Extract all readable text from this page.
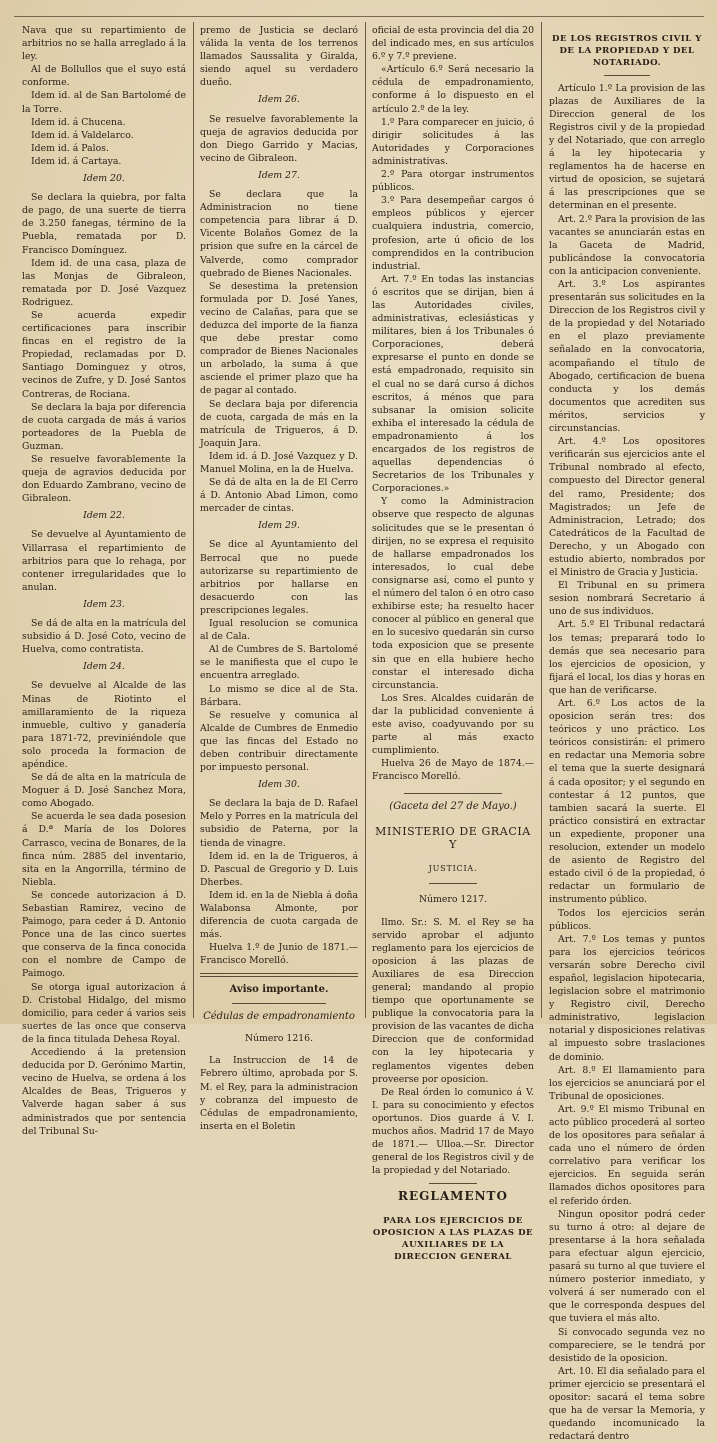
Nava que su repartimiento de arbitrios no se halla arreglado á la ley.

Al de Bollullos que el suyo está conforme.

Idem id. al de San Bartolomé de la Torre.

Idem id. á Chucena.

Idem id. á Valdelarco.

Idem id. á Palos.

Idem id. á Cartaya.

Idem 20.

Se declara la quiebra, por falta de pago, de una suerte de tierra de 3.250 fanegas, término de la Puebla, rematada por D. Francisco Domínguez.

Idem id. de una casa, plaza de las Monjas de Gibraleon, rematada por D. José Vazquez Rodriguez.

Se acuerda expedir certificaciones para inscribir fincas en el registro de la Propiedad, reclamadas por D. Santiago Dominguez y otros, vecinos de Zufre, y D. José Santos Contreras, de Rociana.

Se declara la baja por diferencia de cuota cargada de más á varios porteadores de la Puebla de Guzman.

Se resuelve favorablemente la queja de agravios deducida por don Eduardo Zambrano, vecino de Gibraleon.

Idem 22.

Se devuelve al Ayuntamiento de Villarrasa el repartimiento de arbitrios para que lo rehaga, por contener irregularidades que lo anulan.

Idem 23.

Se dá de alta en la matrícula del subsidio á D. José Coto, vecino de Huelva, como contratista.

Idem 24.

Se devuelve al Alcalde de las Minas de Riotinto el amillaramiento de la riqueza inmueble, cultivo y ganadería para 1871-72, previniéndole que solo proceda la formacion de apéndice.

Se dá de alta en la matrícula de Moguer á D. José Sanchez Mora, como Abogado.

Se acuerda le sea dada posesion á D.ª María de los Dolores Carrasco, vecina de Bonares, de la finca núm. 2885 del inventario, sita en la Angorrilla, término de Niebla.

Se concede autorizacion á D. Sebastian Ramirez, vecino de Paimogo, para ceder á D. Antonio Ponce una de las cinco suertes que conserva de la finca conocida con el nombre de Campo de Paimogo.

Se otorga igual autorizacion á D. Cristobal Hidalgo, del mismo domicilio, para ceder á varios seis suertes de las once que conserva de la finca titulada Dehesa Royal.

Accediendo á la pretension deducida por D. Gerónimo Martin, vecino de Huelva, se ordena á los Alcaldes de Beas, Trigueros y Valverde hagan saber á sus administrados que por sentencia del Tribunal Su-

premo de Justicia se declaró válida la venta de los terrenos llamados Saussalita y Giralda, siendo aquel su verdadero dueño.

Idem 26.

Se resuelve favorablemente la queja de agravios deducida por don Diego Garrido y Macias, vecino de Gibraleon.

Idem 27.

Se declara que la Administracion no tiene competencia para librar á D. Vicente Bolaños Gomez de la prision que sufre en la cárcel de Valverde, como comprador quebrado de Bienes Nacionales.

Se desestima la pretension formulada por D. José Yanes, vecino de Calañas, para que se deduzca del importe de la fianza que debe prestar como comprador de Bienes Nacionales un arbolado, la suma á que asciende el primer plazo que ha de pagar al contado.

Se declara baja por diferencia de cuota, cargada de más en la matrícula de Trigueros, á D. Joaquin Jara.

Idem id. á D. José Vazquez y D. Manuel Molina, en la de Huelva.

Se dá de alta en la de El Cerro á D. Antonio Abad Limon, como mercader de cintas.

Idem 29.

Se dice al Ayuntamiento del Berrocal que no puede autorizarse su repartimiento de arbitrios por hallarse en desacuerdo con las prescripciones legales.

Igual resolucion se comunica al de Cala.

Al de Cumbres de S. Bartolomé se le manifiesta que el cupo le encuentra arreglado.

Lo mismo se dice al de Sta. Bárbara.

Se resuelve y comunica al Alcalde de Cumbres de Enmedio que las fincas del Estado no deben contribuir directamente por impuesto personal.

Idem 30.

Se declara la baja de D. Rafael Melo y Porres en la matrícula del subsidio de Paterna, por la tienda de vinagre.

Idem id. en la de Trigueros, á D. Pascual de Gregorio y D. Luis Dherbes.

Idem id. en la de Niebla á doña Walabonsa Almonte, por diferencia de cuota cargada de más.

Huelva 1.º de Junio de 1871.— Francisco Morelló.

Aviso importante.

Cédulas de empadronamiento

Número 1216.

La Instruccion de 14 de Febrero último, aprobada por S. M. el Rey, para la administracion y cobranza del impuesto de Cédulas de empadronamiento, inserta en el Boletin

oficial de esta provincia del dia 20 del indicado mes, en sus artículos 6.º y 7.º previene.

«Artículo 6.º Será necesario la cédula de empadronamiento, conforme á lo dispuesto en el artículo 2.º de la ley.

1.º Para comparecer en juicio, ó dirigir solicitudes á las Autoridades y Corporaciones administrativas.

2.º Para otorgar instrumentos públicos.

3.º Para desempeñar cargos ó empleos públicos y ejercer cualquiera industria, comercio, profesion, arte ú oficio de los comprendidos en la contribucion industrial.

Art. 7.º En todas las instancias ó escritos que se dirijan, bien á las Autoridades civiles, administrativas, eclesiásticas y militares, bien á los Tribunales ó Corporaciones, deberá expresarse el punto en donde se está empadronado, requisito sin el cual no se dará curso á dichos escritos, á ménos que para subsanar la omision solicite exhiba el interesado la cédula de empadronamiento á los encargados de los registros de aquellas dependencias ó Secretarios de los Tribunales y Corporaciones.»

Y como la Administracion observe que respecto de algunas solicitudes que se le presentan ó dirijen, no se expresa el requisito de hallarse empadronados los interesados, lo cual debe consignarse así, como el punto y el número del talon ó en otro caso exhibirse este; ha resuelto hacer conocer al público en general que en lo sucesivo quedarán sin curso toda exposicion que se presente sin que en ella hubiere hecho constar el interesado dicha circunstancia.

Los Sres. Alcaldes cuidarán de dar la publicidad conveniente á este aviso, coadyuvando por su parte al más exacto cumplimiento.

Huelva 26 de Mayo de 1874.— Francisco Morelló.

(Gaceta del 27 de Mayo.)

MINISTERIO DE GRACIA Y

JUSTICIA.

Número 1217.

Ilmo. Sr.: S. M. el Rey se ha servido aprobar el adjunto reglamento para los ejercicios de oposicion á las plazas de Auxiliares de esa Direccion general; mandando al propio tiempo que oportunamente se publique la convocatoria para la provision de las vacantes de dicha Direccion que de conformidad con la ley hipotecaria y reglamentos vigentes deben proveerse por oposicion.

De Real órden lo comunico á V. I. para su conocimiento y efectos oportunos. Dios guarde á V. I. muchos años. Madrid 17 de Mayo de 1871.— Ulloa.—Sr. Director general de los Registros civil y de la propiedad y del Notariado.

REGLAMENTO

PARA LOS EJERCICIOS DE OPOSICION A LAS PLAZAS DE AUXILIARES DE LA DIRECCION GENERAL

DE LOS REGISTROS CIVIL Y DE LA PROPIEDAD Y DEL NOTARIADO.

Artículo 1.º La provision de las plazas de Auxiliares de la Direccion general de los Registros civil y de la propiedad y del Notariado, que con arreglo á la ley hipotecaria y reglamentos ha de hacerse en virtud de oposicion, se sujetará á las prescripciones que se determinan en el presente.

Art. 2.º Para la provision de las vacantes se anunciarán estas en la Gaceta de Madrid, publicándose la convocatoria con la anticipacion conveniente.

Art. 3.º Los aspirantes presentarán sus solicitudes en la Direccion de los Registros civil y de la propiedad y del Notariado en el plazo previamente señalado en la convocatoria, acompañando el título de Abogado, certificacion de buena conducta y los demás documentos que acrediten sus méritos, servicios y circunstancias.

Art. 4.º Los opositores verificarán sus ejercicios ante el Tribunal nombrado al efecto, compuesto del Director general del ramo, Presidente; dos Magistrados; un Jefe de Administracion, Letrado; dos Catedráticos de la Facultad de Derecho, y un Abogado con estudio abierto, nombrados por el Ministro de Gracia y Justicia.

El Tribunal en su primera sesion nombrará Secretario á uno de sus individuos.

Art. 5.º El Tribunal redactará los temas; preparará todo lo demás que sea necesario para los ejercicios de oposicion, y fijará el local, los dias y horas en que han de verificarse.

Art. 6.º Los actos de la oposicion serán tres: dos teóricos y uno práctico. Los teóricos consistirán: el primero en redactar una Memoria sobre el tema que la suerte designará á cada opositor; y el segundo en contestar á 12 puntos, que tambien sacará la suerte. El práctico consistirá en extractar un expediente, proponer una resolucion, extender un modelo de asiento de Registro del estado civil ó de la propiedad, ó redactar un formulario de instrumento público.

Todos los ejercicios serán públicos.

Art. 7.º Los temas y puntos para los ejercicios teóricos versarán sobre Derecho civil español, legislacion hipotecaria, legislacion sobre el matrimonio y Registro civil, Derecho administrativo, legislacion notarial y disposiciones relativas al impuesto sobre traslaciones de dominio.

Art. 8.º El llamamiento para los ejercicios se anunciará por el Tribunal de oposiciones.

Art. 9.º El mismo Tribunal en acto público procederá al sorteo de los opositores para señalar á cada uno el número de órden correlativo para verificar los ejercicios. En seguida serán llamados dichos opositores para el referido órden.

Ningun opositor podrá ceder su turno á otro: al dejare de presentarse á la hora señalada para efectuar algun ejercicio, pasará su turno al que tuviere el número posterior inmediato, y volverá á ser numerado con el que le corresponda despues del que tuviera el más alto.

Si convocado segunda vez no compareciere, se le tendrá por desistido de la oposicion.

Art. 10. El dia señalado para el primer ejercicio se presentará el opositor: sacará el tema sobre que ha de versar la Memoria, y quedando incomunicado la redactará dentro
